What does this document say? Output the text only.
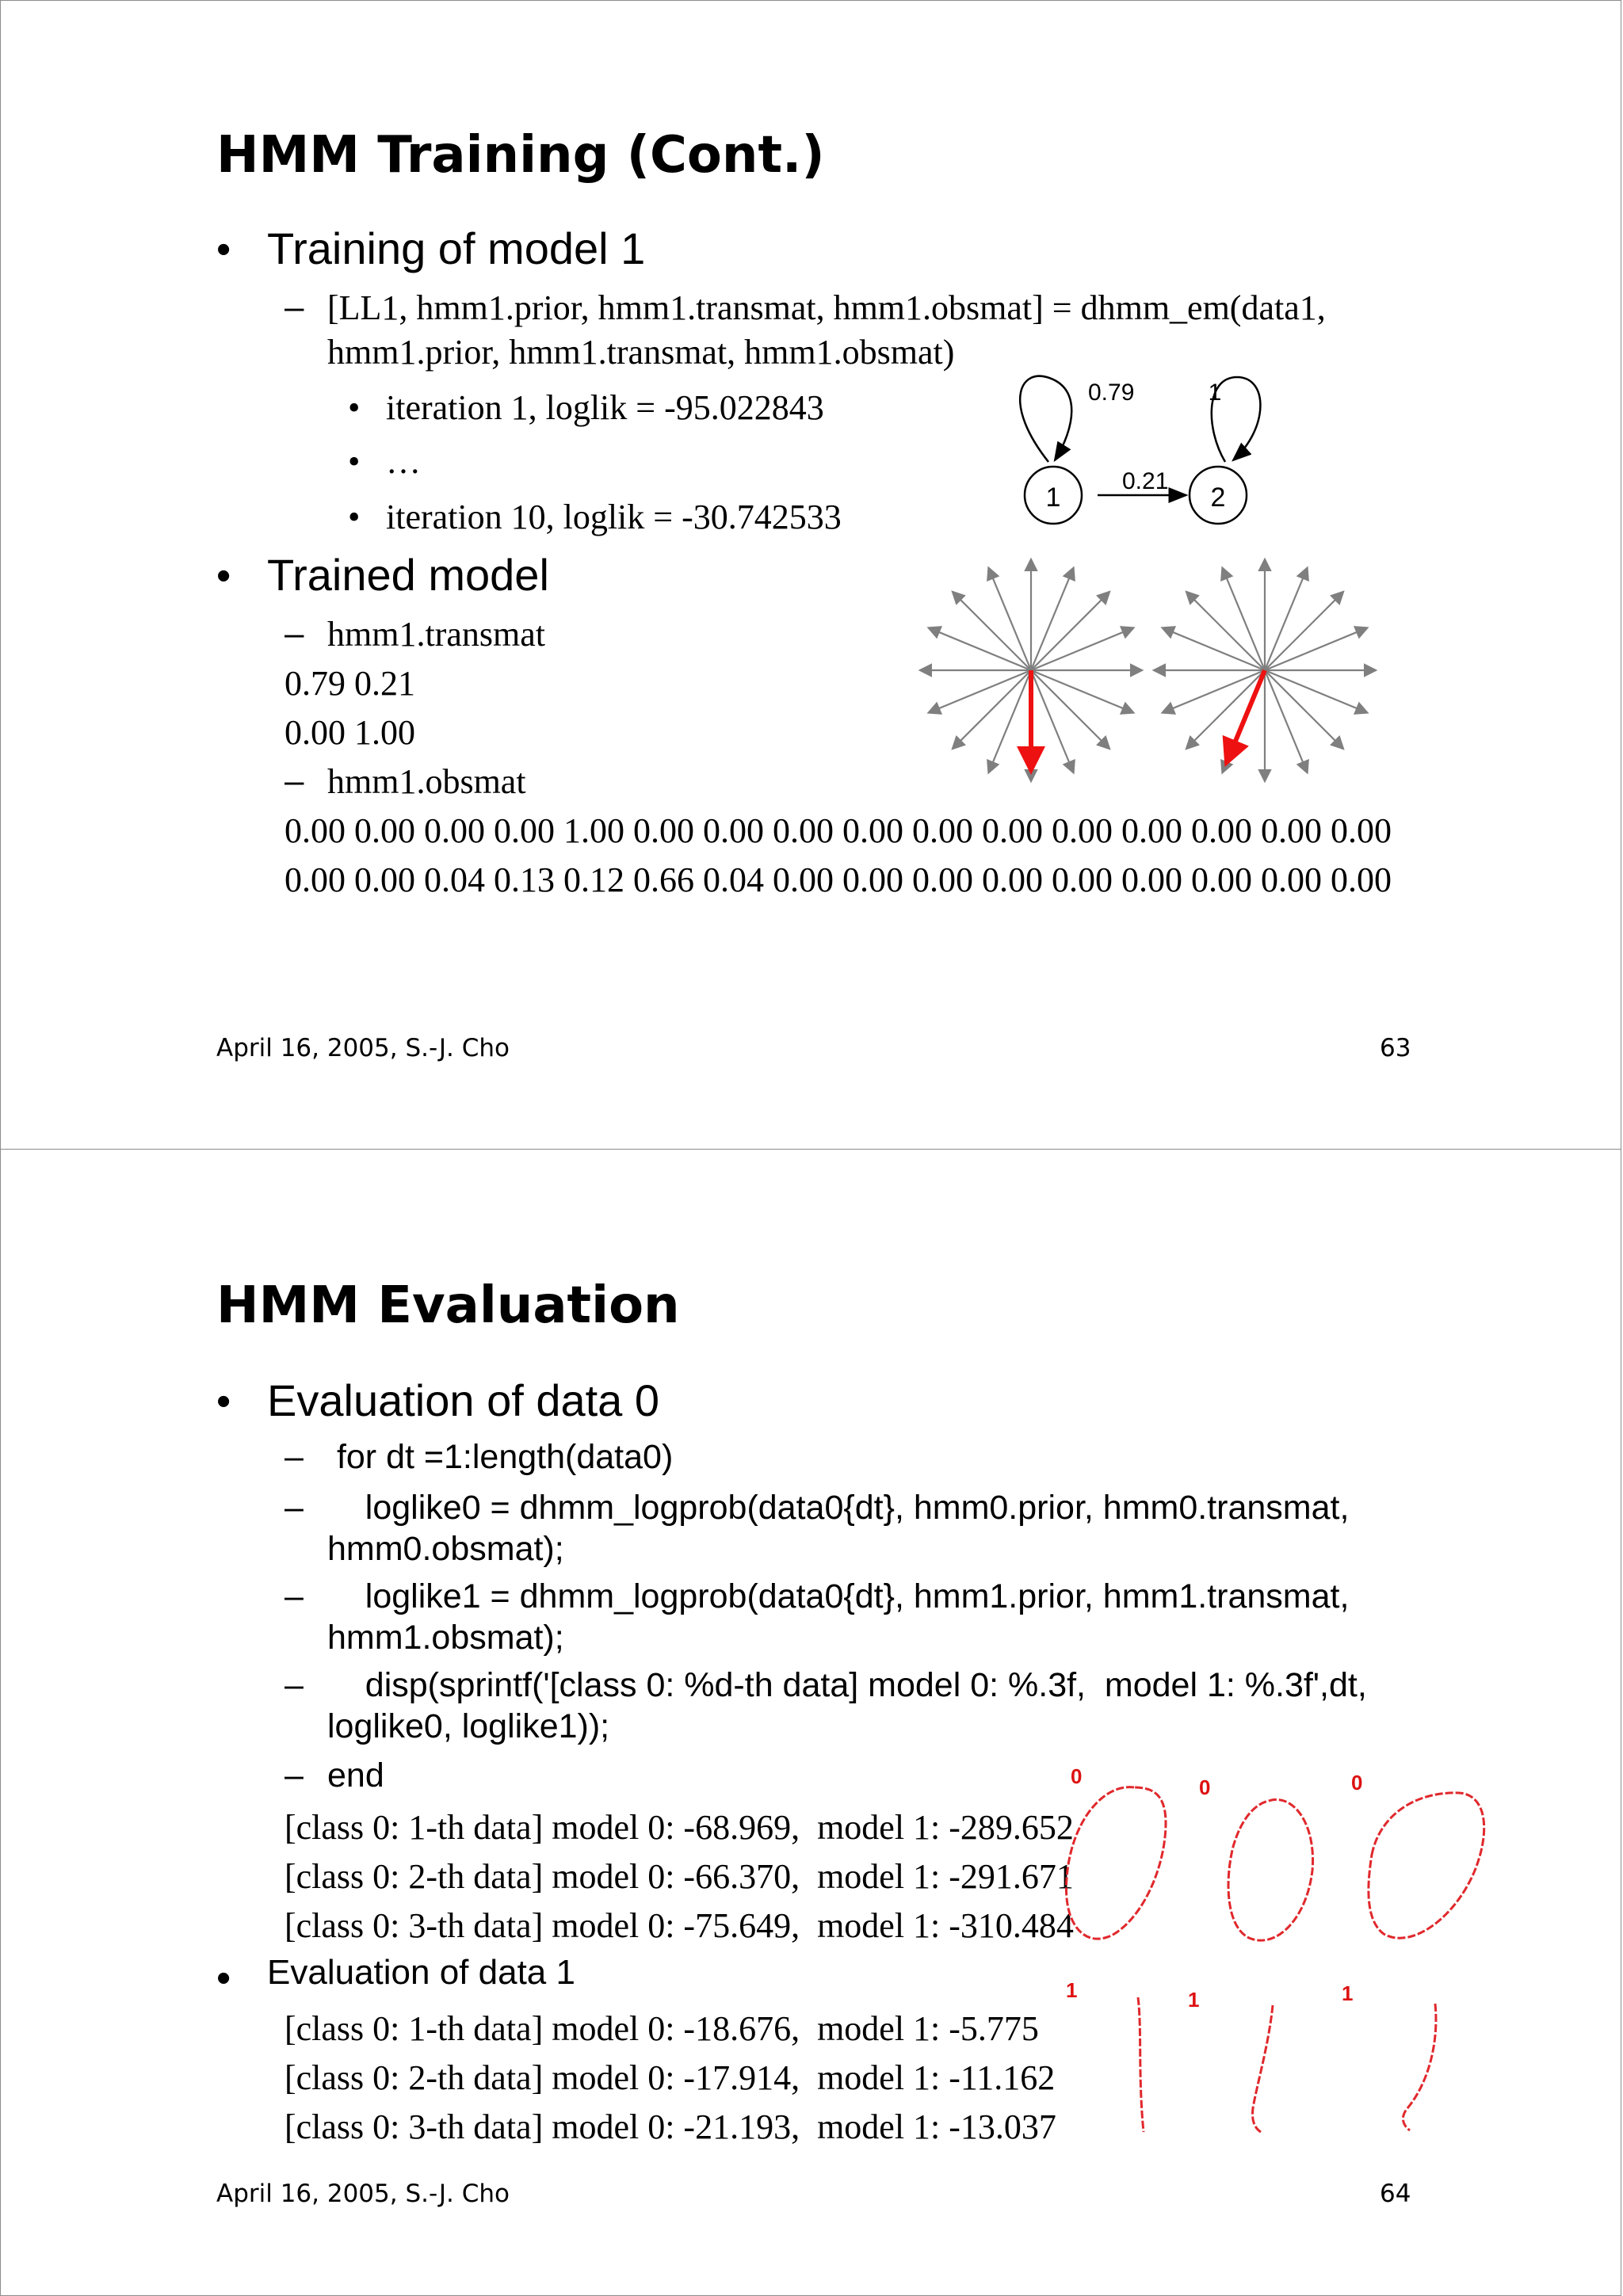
HMM Training (Cont.)
• Training of model 1
– [LL1, hmm1.prior, hmm1.transmat, hmm1.obsmat] = dhmm_em(data1,
hmm1.prior, hmm1.transmat, hmm1.obsmat)
• iteration 1, loglik = -95.022843
• …
• iteration 10, loglik = -30.742533
• Trained model
– hmm1.transmat
0.79 0.21
0.00 1.00
– hmm1.obsmat
0.00 0.00 0.00 0.00 1.00 0.00 0.00 0.00 0.00 0.00 0.00 0.00 0.00 0.00 0.00 0.00
0.00 0.00 0.04 0.13 0.12 0.66 0.04 0.00 0.00 0.00 0.00 0.00 0.00 0.00 0.00 0.00
1	2
0.79	1
0.21
April 16, 2005, S.-J. Cho	63
HMM Evaluation
• Evaluation of data 0
– for dt =1:length(data0)
– loglike0 = dhmm_logprob(data0{dt}, hmm0.prior, hmm0.transmat,
hmm0.obsmat);
– loglike1 = dhmm_logprob(data0{dt}, hmm1.prior, hmm1.transmat,
hmm1.obsmat);
– disp(sprintf('[class 0: %d-th data] model 0: %.3f,  model 1: %.3f',dt,
loglike0, loglike1));
– end
[class 0: 1-th data] model 0: -68.969,  model 1: -289.652
[class 0: 2-th data] model 0: -66.370,  model 1: -291.671
[class 0: 3-th data] model 0: -75.649,  model 1: -310.484
• Evaluation of data 1
[class 0: 1-th data] model 0: -18.676,  model 1: -5.775
[class 0: 2-th data] model 0: -17.914,  model 1: -11.162
[class 0: 3-th data] model 0: -21.193,  model 1: -13.037
0	0	0
1	1	1
April 16, 2005, S.-J. Cho	64
